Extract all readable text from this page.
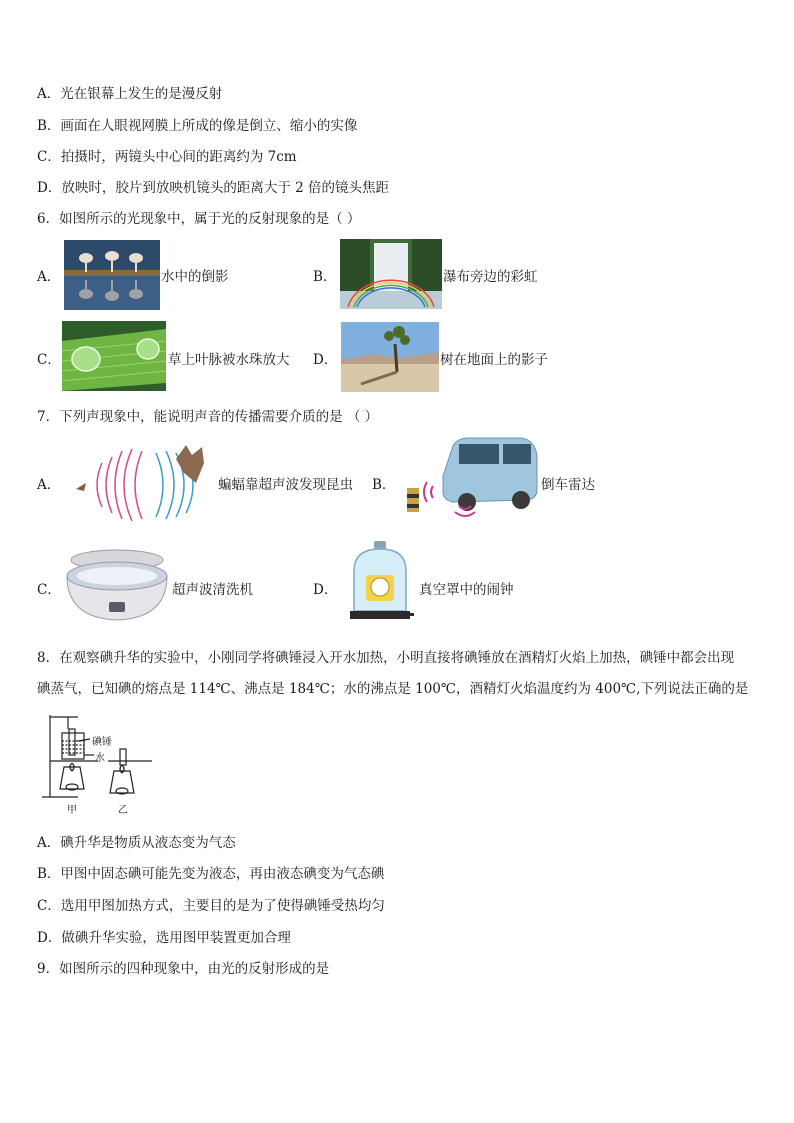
A．光在银幕上发生的是漫反射
B．画面在人眼视网膜上所成的像是倒立、缩小的实像
C．拍摄时，两镜头中心间的距离约为 7cm
D．放映时，胶片到放映机镜头的距离大于 2 倍的镜头焦距
6．如图所示的光现象中，属于光的反射现象的是（ ）
A．	水中的倒影	B．	瀑布旁边的彩虹
C．	草上叶脉被水珠放大 D．	树在地面上的影子
7．下列声现象中，能说明声音的传播需要介质的是 （ ）
A．	蝙蝠靠超声波发现昆虫 B．	倒车雷达
C．	超声波清洗机	D．	真空罩中的闹钟
8．在观察碘升华的实验中，小刚同学将碘锤浸入开水加热，小明直接将碘锤放在酒精灯火焰上加热，碘锤中都会出现
碘蒸气，已知碘的熔点是 114℃、沸点是 184℃；水的沸点是 100℃，酒精灯火焰温度约为 400℃,下列说法正确的是
碘锤
水
甲	乙
A．碘升华是物质从液态变为气态
B．甲图中固态碘可能先变为液态，再由液态碘变为气态碘
C．选用甲图加热方式，主要目的是为了使得碘锤受热均匀
D．做碘升华实验，选用图甲装置更加合理
9．如图所示的四种现象中，由光的反射形成的是
